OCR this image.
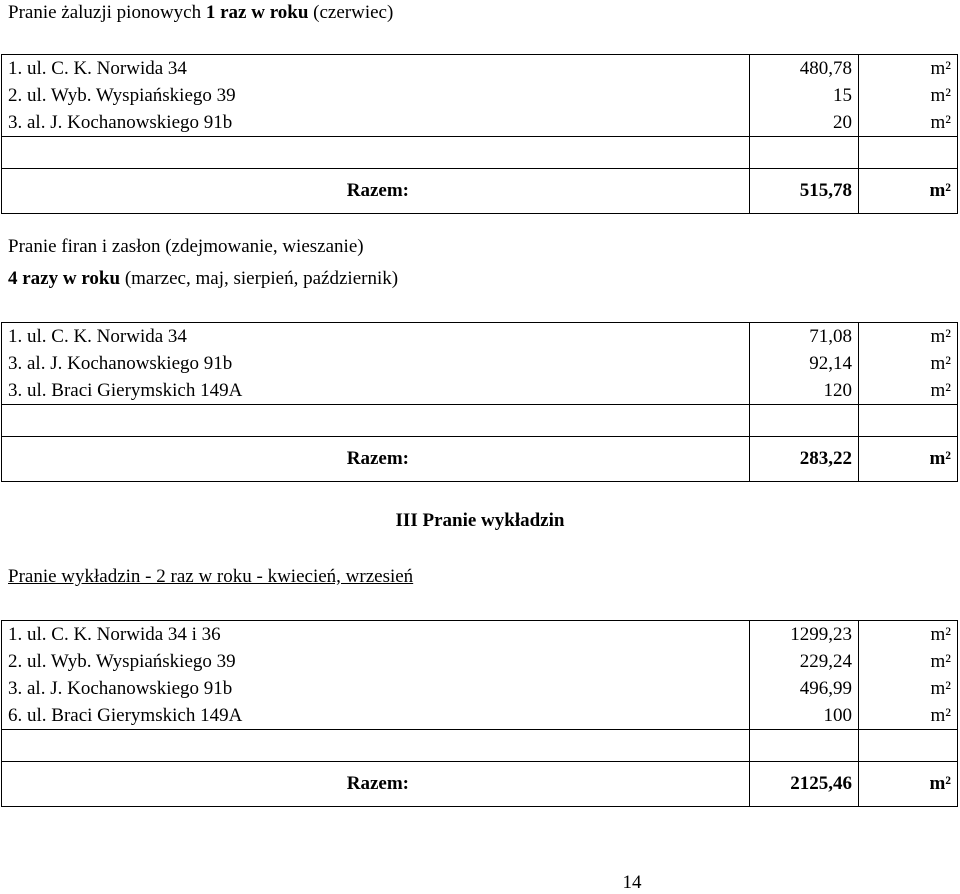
Pranie żaluzji pionowych 1 raz w roku (czerwiec)
1. ul. C. K. Norwida 34	480,78	m²
2. ul. Wyb. Wyspiańskiego 39	15	m²
3. al. J. Kochanowskiego 91b	20	m²

Razem:	515,78	m²
Pranie firan i zasłon (zdejmowanie, wieszanie)
4 razy w roku (marzec, maj, sierpień, październik)
1. ul. C. K. Norwida 34	71,08	m²
3. al. J. Kochanowskiego 91b	92,14	m²
3. ul. Braci Gierymskich 149A	120	m²

Razem:	283,22	m²
III Pranie wykładzin
Pranie wykładzin - 2 raz w roku - kwiecień, wrzesień
1. ul. C. K. Norwida 34 i 36	1299,23	m²
2. ul. Wyb. Wyspiańskiego 39	229,24	m²
3. al. J. Kochanowskiego 91b	496,99	m²
6. ul. Braci Gierymskich 149A	100	m²

Razem:	2125,46	m²
14
